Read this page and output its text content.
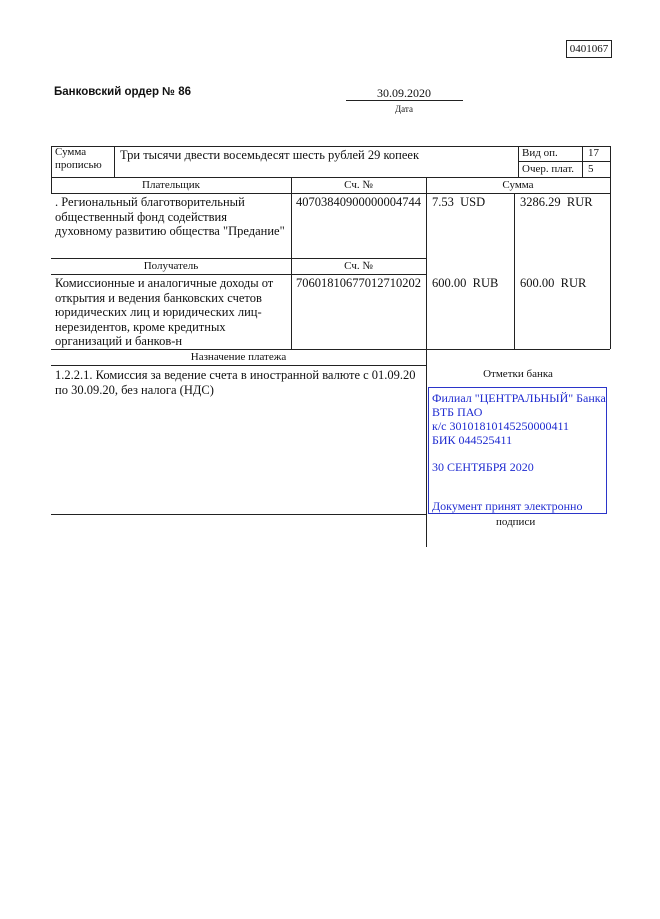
0401067
Банковский ордер № 86	30.09.2020
Дата
Сумма
прописью
Три тысячи двести восемьдесят шесть рублей 29 копеек	Вид оп.	17
Очер. плат. 5
Плательщик	Сч. №	Сумма
. Региональный благотворительный
общественный фонд содействия
духовному развитию общества "Предание"
40703840900000004744 7.53  USD	3286.29  RUR
Получатель	Сч. №
Комиссионные и аналогичные доходы от
открытия и ведения банковских счетов
юридических лиц и юридических лиц-
нерезидентов, кроме кредитных
организаций и банков-н
70601810677012710202 600.00  RUB 600.00  RUR
Назначение платежа
1.2.2.1. Комиссия за ведение счета в иностранной валюте с 01.09.20
по 30.09.20, без налога (НДС)
Отметки банка
Филиал "ЦЕНТРАЛЬНЫЙ" Банка
ВТБ ПАО
к/с 30101810145250000411
БИК 044525411
30 СЕНТЯБРЯ 2020
Документ принят электронно
подписи
